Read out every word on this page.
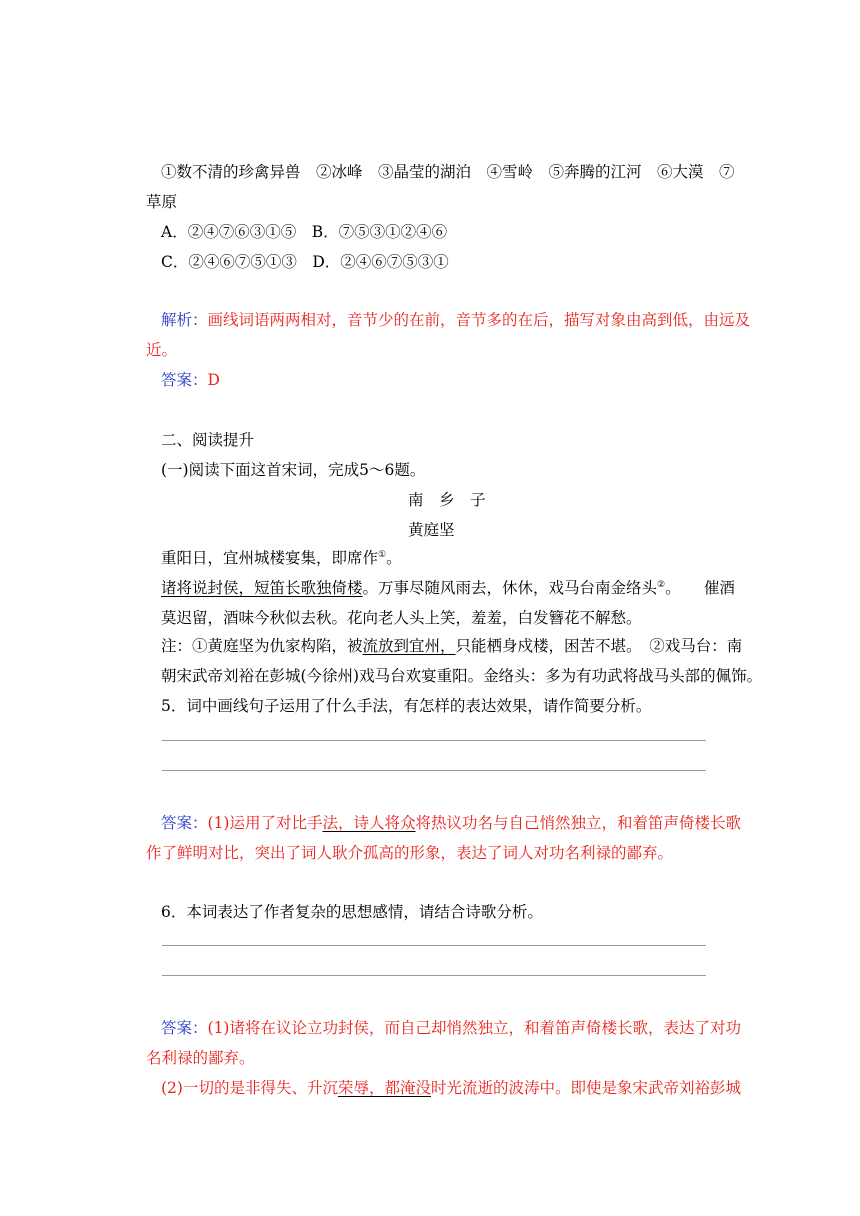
①数不清的珍禽异兽　②冰峰　③晶莹的湖泊　④雪岭　⑤奔腾的江河　⑥大漠　⑦
草原
A．②④⑦⑥③①⑤　B．⑦⑤③①②④⑥
C．②④⑥⑦⑤①③　D．②④⑥⑦⑤③①
解析：画线词语两两相对，音节少的在前，音节多的在后，描写对象由高到低，由远及
近。
答案：D
二、阅读提升
(一)阅读下面这首宋词，完成5～6题。
南　乡　子
黄庭坚
重阳日，宜州城楼宴集，即席作①。
诸将说封侯，短笛长歌独倚楼。万事尽随风雨去，休休，戏马台南金络头②。　　催酒
莫迟留，酒味今秋似去秋。花向老人头上笑，羞羞，白发簪花不解愁。
注：①黄庭坚为仇家构陷，被流放到宜州，只能栖身戍楼，困苦不堪。　②戏马台：南
朝宋武帝刘裕在彭城(今徐州)戏马台欢宴重阳。金络头：多为有功武将战马头部的佩饰。
5．词中画线句子运用了什么手法，有怎样的表达效果，请作简要分析。
答案：(1)运用了对比手法，诗人将众将热议功名与自己悄然独立，和着笛声倚楼长歌
作了鲜明对比，突出了词人耿介孤高的形象，表达了词人对功名利禄的鄙弃。
6．本词表达了作者复杂的思想感情，请结合诗歌分析。
答案：(1)诸将在议论立功封侯，而自己却悄然独立，和着笛声倚楼长歌，表达了对功
名利禄的鄙弃。
(2)一切的是非得失、升沉荣辱，都淹没时光流逝的波涛中。即使是象宋武帝刘裕彭城
